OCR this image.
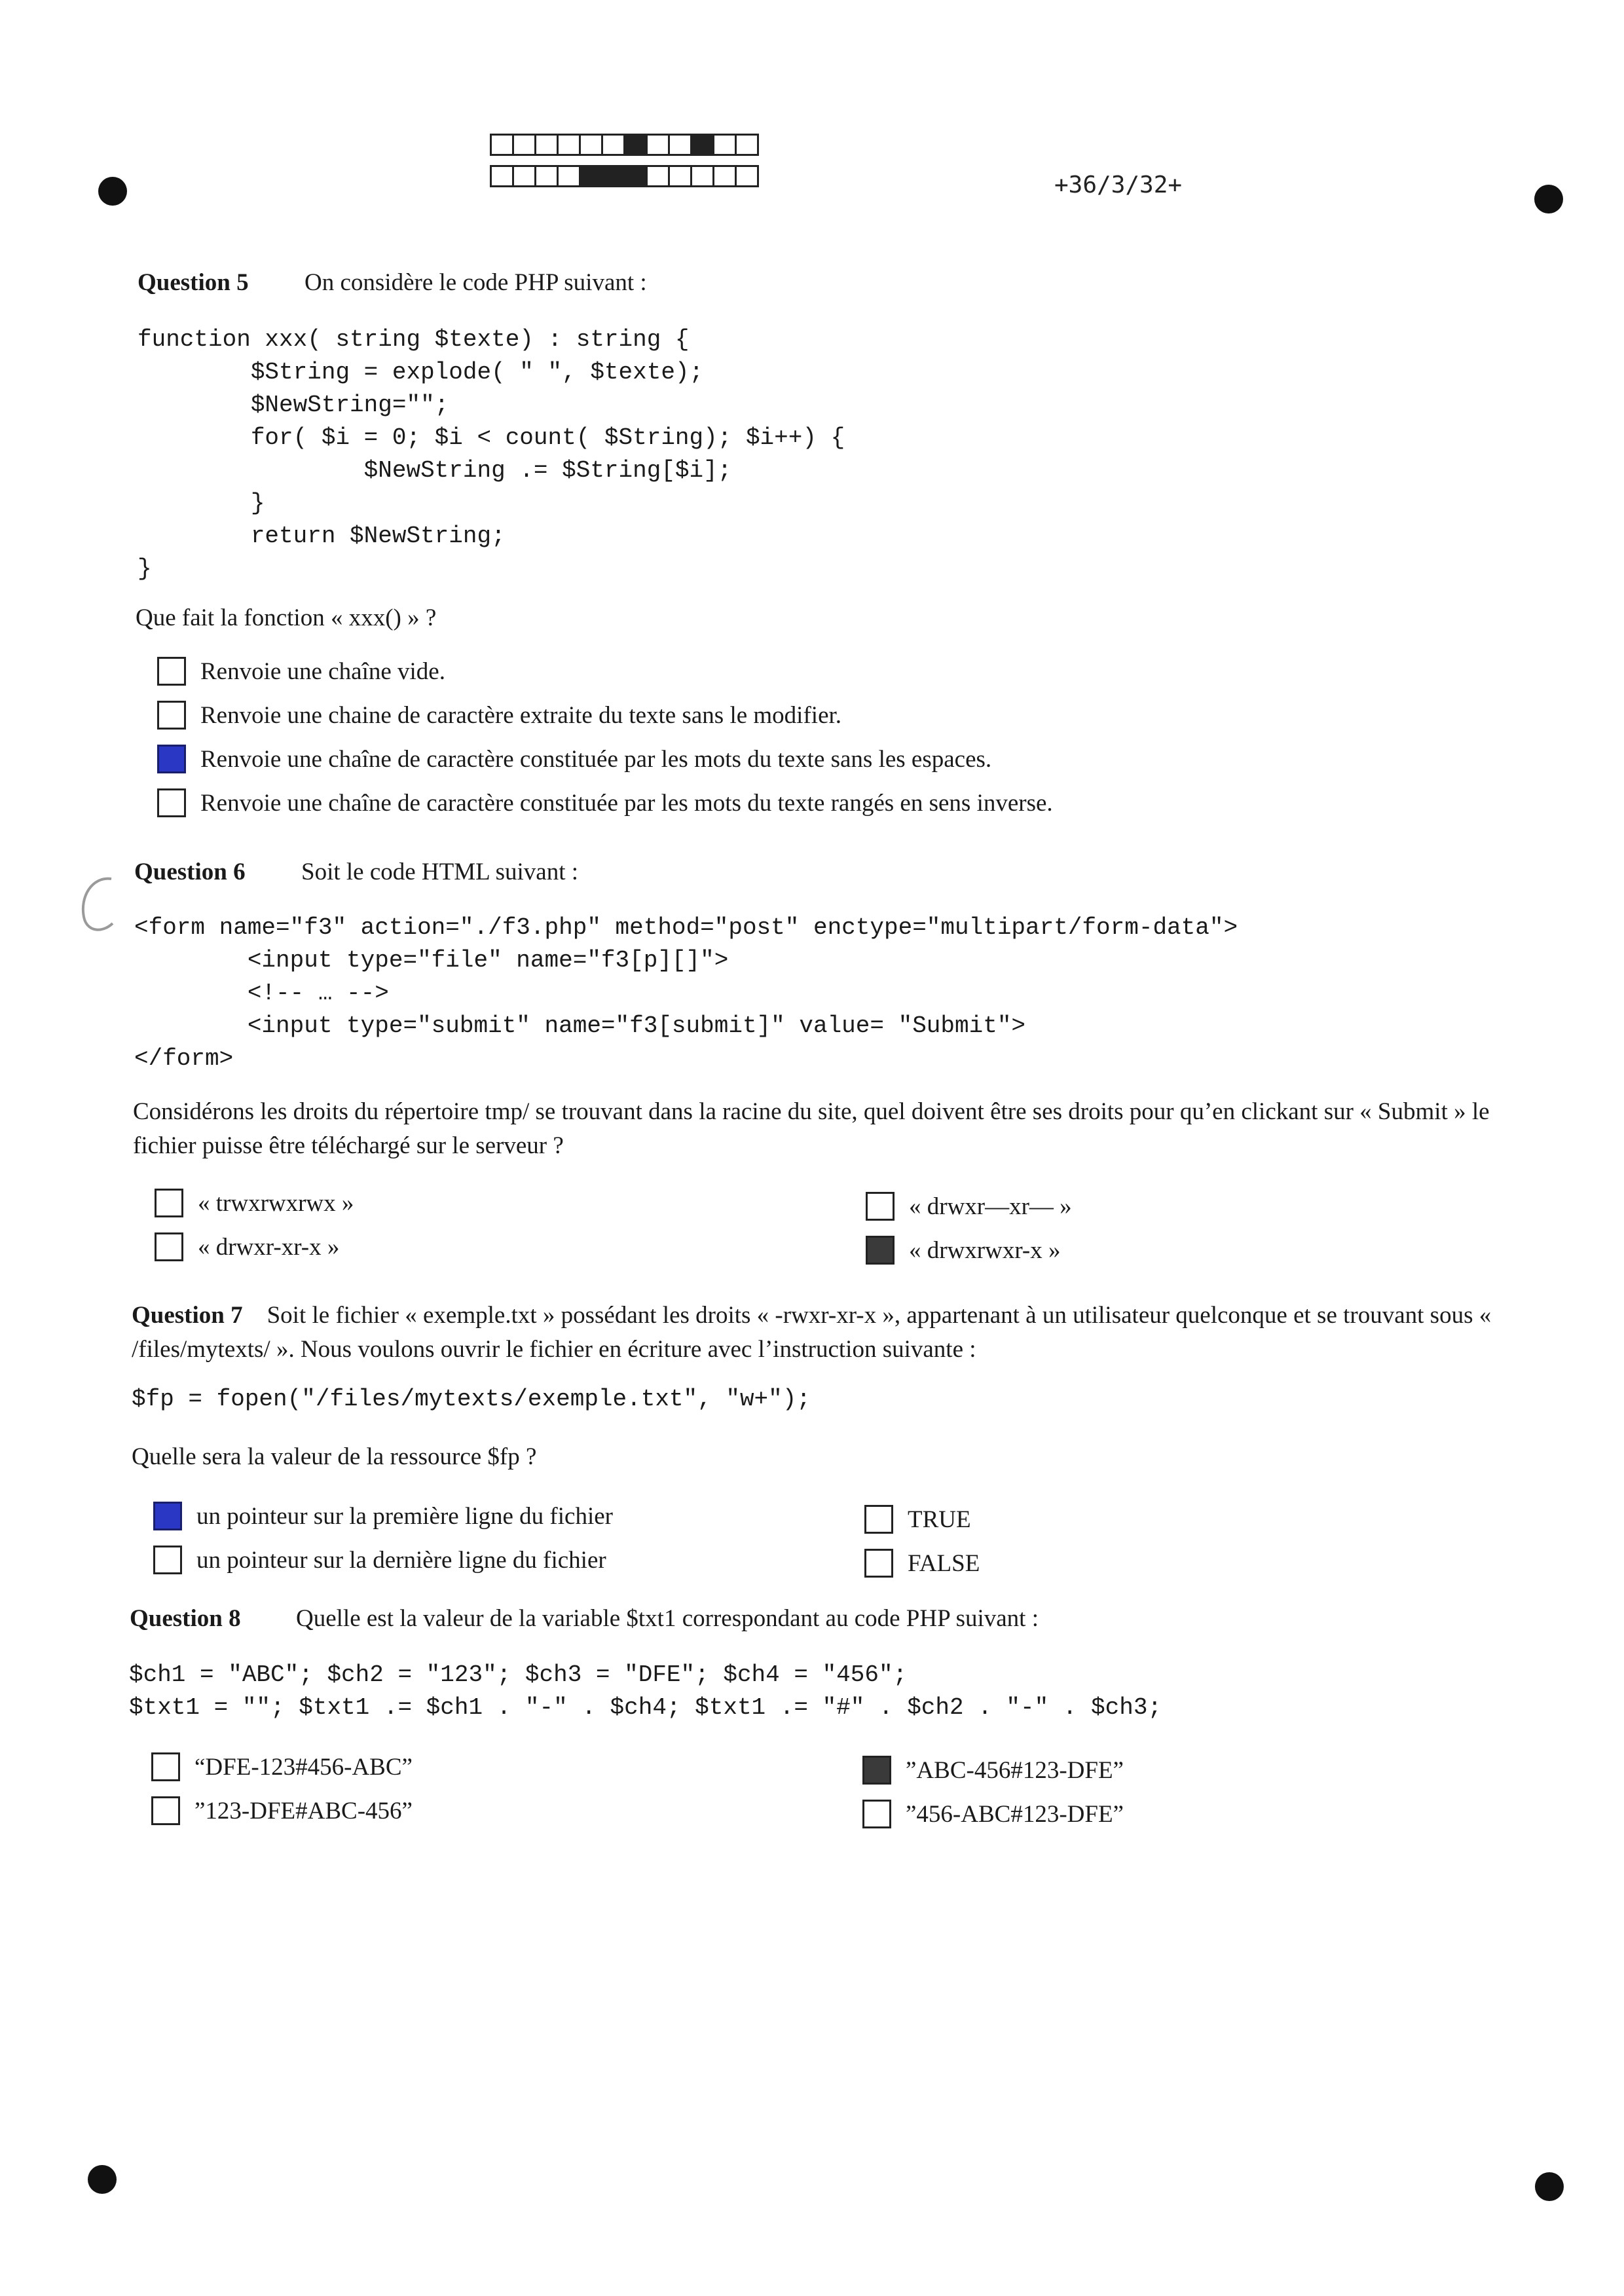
+36/3/32+
Question 5 On considère le code PHP suivant :
function xxx( string $texte) : string {
$String = explode( " ", $texte);
$NewString="";
for( $i = 0; $i < count( $String); $i++) {
$NewString .= $String[$i];
}
return $NewString;
}
Que fait la fonction « xxx() » ?
Renvoie une chaîne vide.
Renvoie une chaine de caractère extraite du texte sans le modifier.
Renvoie une chaîne de caractère constituée par les mots du texte sans les espaces.
Renvoie une chaîne de caractère constituée par les mots du texte rangés en sens inverse.
Question 6 Soit le code HTML suivant :
<form name="f3" action="./f3.php" method="post" enctype="multipart/form-data">
<input type="file" name="f3[p][]">
<!-- … -->
<input type="submit" name="f3[submit]" value= "Submit">
</form>
Considérons les droits du répertoire tmp/ se trouvant dans la racine du site, quel doivent être ses droits pour qu’en clickant sur « Submit » le fichier puisse être téléchargé sur le serveur ?
« trwxrwxrwx »
« drwxr-xr-x »
« drwxr—xr— »
« drwxrwxr-x »
Question 7 Soit le fichier « exemple.txt » possédant les droits « -rwxr-xr-x », appartenant à un utilisateur quelconque et se trouvant sous « /files/mytexts/ ». Nous voulons ouvrir le fichier en écriture avec l’instruction suivante :
$fp = fopen("/files/mytexts/exemple.txt", "w+");
Quelle sera la valeur de la ressource $fp ?
un pointeur sur la première ligne du fichier
un pointeur sur la dernière ligne du fichier
TRUE
FALSE
Question 8 Quelle est la valeur de la variable $txt1 correspondant au code PHP suivant :
$ch1 = "ABC"; $ch2 = "123"; $ch3 = "DFE"; $ch4 = "456";
$txt1 = ""; $txt1 .= $ch1 . "-" . $ch4; $txt1 .= "#" . $ch2 . "-" . $ch3;
“DFE-123#456-ABC”
”123-DFE#ABC-456”
”ABC-456#123-DFE”
”456-ABC#123-DFE”
